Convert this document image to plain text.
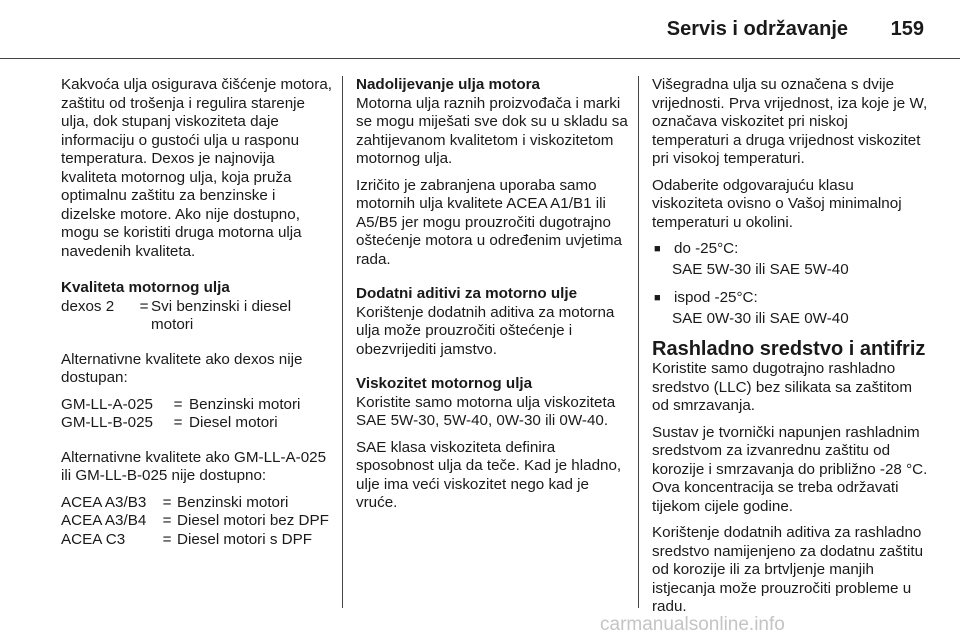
Servis i održavanje 159

Kakvoća ulja osigurava čišćenje motora, zaštitu od trošenja i regulira starenje ulja, dok stupanj viskoziteta daje informaciju o gustoći ulja u rasponu temperatura. Dexos je najnovija kvaliteta motornog ulja, koja pruža optimalnu zaštitu za benzinske i dizelske motore. Ako nije dostupno, mogu se koristiti druga motorna ulja navedenih kvaliteta.

Kvaliteta motornog ulja
dexos 2	= Svi benzinski i diesel motori

Alternativne kvalitete ako dexos nije dostupan:

GM-LL-A-025	= Benzinski motori
GM-LL-B-025	= Diesel motori

Alternativne kvalitete ako GM-LL-A-025 ili GM-LL-B-025 nije dostupno:

ACEA A3/B3	= Benzinski motori
ACEA A3/B4	= Diesel motori bez DPF
ACEA C3	= Diesel motori s DPF
Nadolijevanje ulja motora

Motorna ulja raznih proizvođača i marki se mogu miješati sve dok su u skladu sa zahtijevanom kvalitetom i viskozitetom motornog ulja.

Izričito je zabranjena uporaba samo motornih ulja kvalitete ACEA A1/B1 ili A5/B5 jer mogu prouzročiti dugotrajno oštećenje motora u određenim uvjetima rada.

Dodatni aditivi za motorno ulje

Korištenje dodatnih aditiva za motorna ulja može prouzročiti oštećenje i obezvrijediti jamstvo.

Viskozitet motornog ulja

Koristite samo motorna ulja viskoziteta SAE 5W-30, 5W-40, 0W-30 ili 0W-40.

SAE klasa viskoziteta definira sposobnost ulja da teče. Kad je hladno, ulje ima veći viskozitet nego kad je vruće.

Višegradna ulja su označena s dvije vrijednosti. Prva vrijednost, iza koje je W, označava viskozitet pri niskoj temperaturi a druga vrijednost viskozitet pri visokoj temperaturi.

Odaberite odgovarajuću klasu viskoziteta ovisno o Vašoj minimalnoj temperaturi u okolini.

■ do -25°C:
SAE 5W-30 ili SAE 5W-40
■ ispod -25°C:
SAE 0W-30 ili SAE 0W-40
Rashladno sredstvo i antifriz

Koristite samo dugotrajno rashladno sredstvo (LLC) bez silikata sa zaštitom od smrzavanja.

Sustav je tvornički napunjen rashladnim sredstvom za izvanrednu zaštitu od korozije i smrzavanja do približno -28 °C. Ova koncentracija se treba održavati tijekom cijele godine.

Korištenje dodatnih aditiva za rashladno sredstvo namijenjeno za dodatnu zaštitu od korozije ili za brtvljenje manjih istjecanja može prouzročiti probleme u radu.

carmanualsonline.info
